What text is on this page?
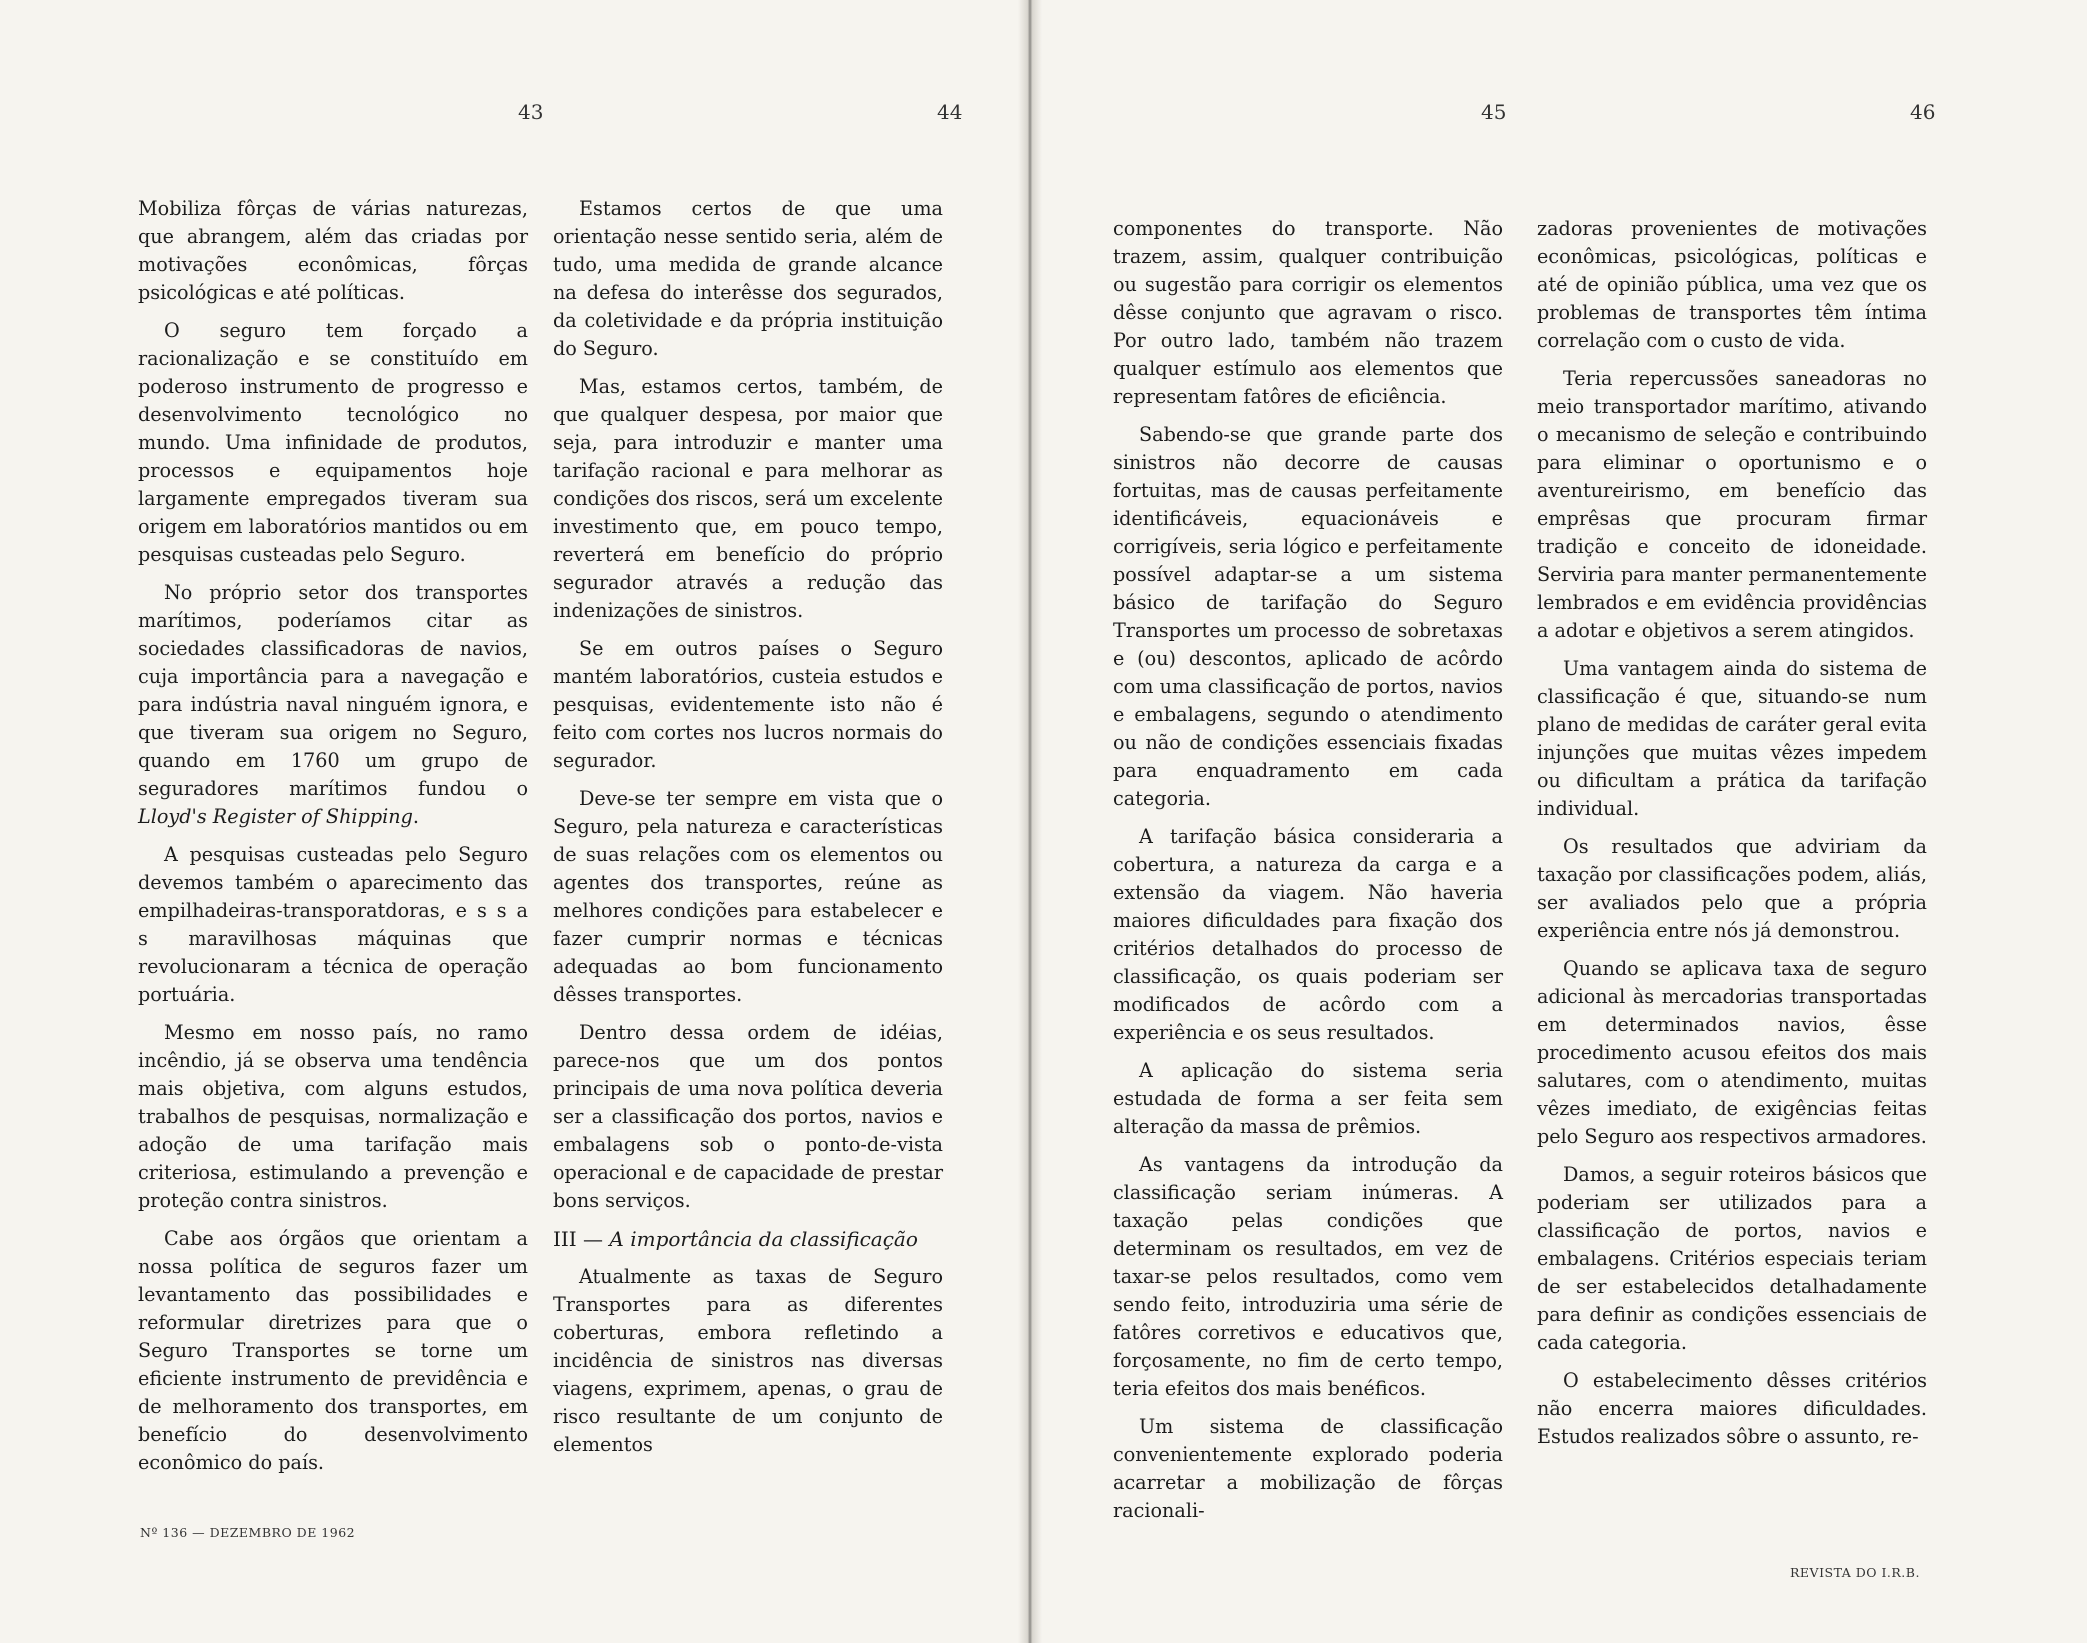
43	44	45	46

Mobiliza fôrças de várias naturezas, que abrangem, além das criadas por motivações econômicas, fôrças psicológicas e até políticas.

O seguro tem forçado a racionalização e se constituído em poderoso instrumento de progresso e desenvolvimento tecnológico no mundo. Uma infinidade de produtos, processos e equipamentos hoje largamente empregados tiveram sua origem em laboratórios mantidos ou em pesquisas custeadas pelo Seguro.

No próprio setor dos transportes marítimos, poderíamos citar as sociedades classificadoras de navios, cuja importância para a navegação e para indústria naval ninguém ignora, e que tiveram sua origem no Seguro, quando em 1760 um grupo de seguradores marítimos fundou o Lloyd's Register of Shipping.

A pesquisas custeadas pelo Seguro devemos também o aparecimento das empilhadeiras-transporatdoras, e s s a s maravilhosas máquinas que revolucionaram a técnica de operação portuária.

Mesmo em nosso país, no ramo incêndio, já se observa uma tendência mais objetiva, com alguns estudos, trabalhos de pesquisas, normalização e adoção de uma tarifação mais criteriosa, estimulando a prevenção e proteção contra sinistros.

Cabe aos órgãos que orientam a nossa política de seguros fazer um levantamento das possibilidades e reformular diretrizes para que o Seguro Transportes se torne um eficiente instrumento de previdência e de melhoramento dos transportes, em benefício do desenvolvimento econômico do país.

Estamos certos de que uma orientação nesse sentido seria, além de tudo, uma medida de grande alcance na defesa do interêsse dos segurados, da coletividade e da própria instituição do Seguro.

Mas, estamos certos, também, de que qualquer despesa, por maior que seja, para introduzir e manter uma tarifação racional e para melhorar as condições dos riscos, será um excelente investimento que, em pouco tempo, reverterá em benefício do próprio segurador através a redução das indenizações de sinistros.

Se em outros países o Seguro mantém laboratórios, custeia estudos e pesquisas, evidentemente isto não é feito com cortes nos lucros normais do segurador.

Deve-se ter sempre em vista que o Seguro, pela natureza e características de suas relações com os elementos ou agentes dos transportes, reúne as melhores condições para estabelecer e fazer cumprir normas e técnicas adequadas ao bom funcionamento dêsses transportes.

Dentro dessa ordem de idéias, parece-nos que um dos pontos principais de uma nova política deveria ser a classificação dos portos, navios e embalagens sob o ponto-de-vista operacional e de capacidade de prestar bons serviços.

III — A importância da classificação

Atualmente as taxas de Seguro Transportes para as diferentes coberturas, embora refletindo a incidência de sinistros nas diversas viagens, exprimem, apenas, o grau de risco resultante de um conjunto de elementos

componentes do transporte. Não trazem, assim, qualquer contribuição ou sugestão para corrigir os elementos dêsse conjunto que agravam o risco. Por outro lado, também não trazem qualquer estímulo aos elementos que representam fatôres de eficiência.

Sabendo-se que grande parte dos sinistros não decorre de causas fortuitas, mas de causas perfeitamente identificáveis, equacionáveis e corrigíveis, seria lógico e perfeitamente possível adaptar-se a um sistema básico de tarifação do Seguro Transportes um processo de sobretaxas e (ou) descontos, aplicado de acôrdo com uma classificação de portos, navios e embalagens, segundo o atendimento ou não de condições essenciais fixadas para enquadramento em cada categoria.

A tarifação básica consideraria a cobertura, a natureza da carga e a extensão da viagem. Não haveria maiores dificuldades para fixação dos critérios detalhados do processo de classificação, os quais poderiam ser modificados de acôrdo com a experiência e os seus resultados.

A aplicação do sistema seria estudada de forma a ser feita sem alteração da massa de prêmios.

As vantagens da introdução da classificação seriam inúmeras. A taxação pelas condições que determinam os resultados, em vez de taxar-se pelos resultados, como vem sendo feito, introduziria uma série de fatôres corretivos e educativos que, forçosamente, no fim de certo tempo, teria efeitos dos mais benéficos.

Um sistema de classificação convenientemente explorado poderia acarretar a mobilização de fôrças racionali-

zadoras provenientes de motivações econômicas, psicológicas, políticas e até de opinião pública, uma vez que os problemas de transportes têm íntima correlação com o custo de vida.

Teria repercussões saneadoras no meio transportador marítimo, ativando o mecanismo de seleção e contribuindo para eliminar o oportunismo e o aventureirismo, em benefício das emprêsas que procuram firmar tradição e conceito de idoneidade. Serviria para manter permanentemente lembrados e em evidência providências a adotar e objetivos a serem atingidos.

Uma vantagem ainda do sistema de classificação é que, situando-se num plano de medidas de caráter geral evita injunções que muitas vêzes impedem ou dificultam a prática da tarifação individual.

Os resultados que adviriam da taxação por classificações podem, aliás, ser avaliados pelo que a própria experiência entre nós já demonstrou.

Quando se aplicava taxa de seguro adicional às mercadorias transportadas em determinados navios, êsse procedimento acusou efeitos dos mais salutares, com o atendimento, muitas vêzes imediato, de exigências feitas pelo Seguro aos respectivos armadores.

Damos, a seguir roteiros básicos que poderiam ser utilizados para a classificação de portos, navios e embalagens. Critérios especiais teriam de ser estabelecidos detalhadamente para definir as condições essenciais de cada categoria.

O estabelecimento dêsses critérios não encerra maiores dificuldades. Estudos realizados sôbre o assunto, re-

Nº 136 — DEZEMBRO DE 1962
REVISTA DO I.R.B.
